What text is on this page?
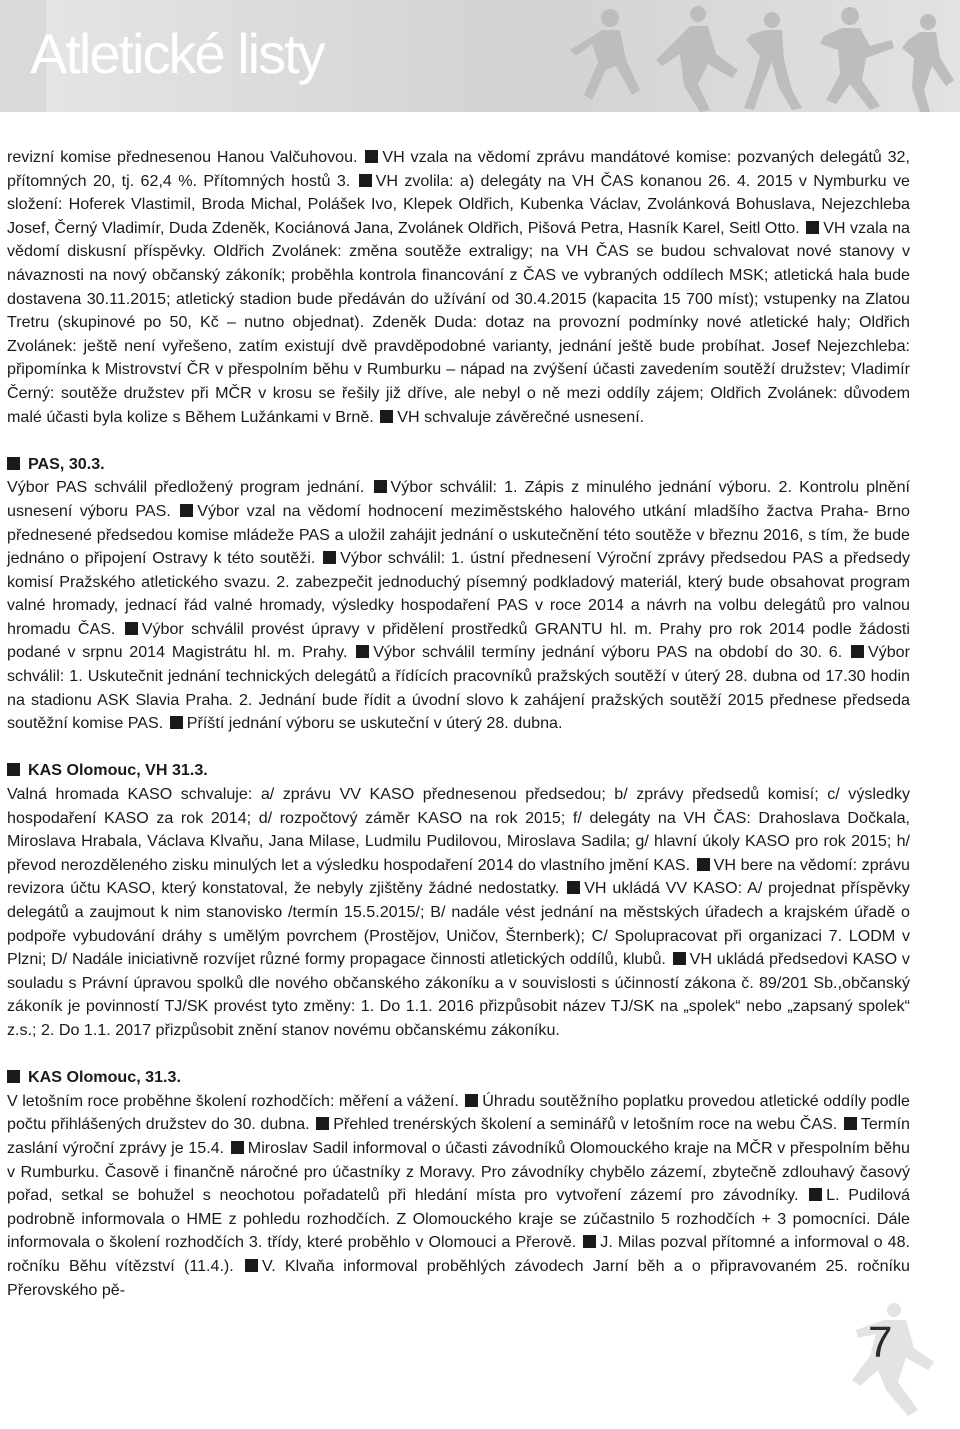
Atletické listy

revizní komise přednesenou Hanou Valčuhovou. VH vzala na vědomí zprávu mandátové komise: pozvaných delegátů 32, přítomných 20, tj. 62,4 %. Přítomných hostů 3. VH zvolila: a) delegáty na VH ČAS konanou 26. 4. 2015 v Nymburku ve složení: Hoferek Vlastimil, Broda Michal, Polášek Ivo, Klepek Oldřich, Kubenka Václav, Zvolánková Bohuslava, Nejezchleba Josef, Černý Vladimír, Duda Zdeněk, Kociánová Jana, Zvolánek Oldřich, Pišová Petra, Hasník Karel, Seitl Otto. VH vzala na vědomí diskusní příspěvky. Oldřich Zvolánek: změna soutěže extraligy; na VH ČAS se budou schvalovat nové stanovy v návaznosti na nový občanský zákoník; proběhla kontrola financování z ČAS ve vybraných oddílech MSK; atletická hala bude dostavena 30.11.2015; atletický stadion bude předáván do užívání od 30.4.2015 (kapacita 15 700 míst); vstupenky na Zlatou Tretru (skupinové po 50, Kč – nutno objednat). Zdeněk Duda: dotaz na provozní podmínky nové atletické haly; Oldřich Zvolánek: ještě není vyřešeno, zatím existují dvě pravděpodobné varianty, jednání ještě bude probíhat. Josef Nejezchleba: připomínka k Mistrovství ČR v přespolním běhu v Rumburku – nápad na zvýšení účasti zavedením soutěží družstev; Vladimír Černý: soutěže družstev při MČR v krosu se řešily již dříve, ale nebyl o ně mezi oddíly zájem; Oldřich Zvolánek: důvodem malé účasti byla kolize s Během Lužánkami v Brně. VH schvaluje závěrečné usnesení.

PAS, 30.3.

Výbor PAS schválil předložený program jednání. Výbor schválil: 1. Zápis z minulého jednání výboru. 2. Kontrolu plnění usnesení výboru PAS. Výbor vzal na vědomí hodnocení meziměstského halového utkání mladšího žactva Praha- Brno přednesené předsedou komise mládeže PAS a uložil zahájit jednání o uskutečnění této soutěže v březnu 2016, s tím, že bude jednáno o připojení Ostravy k této soutěži. Výbor schválil: 1. ústní přednesení Výroční zprávy předsedou PAS a předsedy komisí Pražského atletického svazu. 2. zabezpečit jednoduchý písemný podkladový materiál, který bude obsahovat program valné hromady, jednací řád valné hromady, výsledky hospodaření PAS v roce 2014 a návrh na volbu delegátů pro valnou hromadu ČAS. Výbor schválil provést úpravy v přidělení prostředků GRANTU hl. m. Prahy pro rok 2014 podle žádosti podané v srpnu 2014 Magistrátu hl. m. Prahy. Výbor schválil termíny jednání výboru PAS na období do 30. 6. Výbor schválil: 1. Uskutečnit jednání technických delegátů a řídících pracovníků pražských soutěží v úterý 28. dubna od 17.30 hodin na stadionu ASK Slavia Praha. 2. Jednání bude řídit a úvodní slovo k zahájení pražských soutěží 2015 přednese předseda soutěžní komise PAS. Příští jednání výboru se uskuteční v úterý 28. dubna.

KAS Olomouc, VH 31.3.

Valná hromada KASO schvaluje: a/ zprávu VV KASO přednesenou předsedou; b/ zprávy předsedů komisí; c/ výsledky hospodaření KASO za rok 2014; d/ rozpočtový záměr KASO na rok 2015; f/ delegáty na VH ČAS: Drahoslava Dočkala, Miroslava Hrabala, Václava Klvaňu, Jana Milase, Ludmilu Pudilovou, Miroslava Sadila; g/ hlavní úkoly KASO pro rok 2015; h/ převod nerozděleného zisku minulých let a výsledku hospodaření 2014 do vlastního jmění KAS. VH bere na vědomí: zprávu revizora účtu KASO, který konstatoval, že nebyly zjištěny žádné nedostatky. VH ukládá VV KASO: A/ projednat příspěvky delegátů a zaujmout k nim stanovisko /termín 15.5.2015/; B/ nadále vést jednání na městských úřadech a krajském úřadě o podpoře vybudování dráhy s umělým povrchem (Prostějov, Uničov, Šternberk); C/ Spolupracovat při organizaci 7. LODM v Plzni; D/ Nadále iniciativně rozvíjet různé formy propagace činnosti atletických oddílů, klubů. VH ukládá předsedovi KASO v souladu s Právní úpravou spolků dle nového občanského zákoníku a v souvislosti s účinností zákona č. 89/201 Sb.,občanský zákoník je povinností TJ/SK provést tyto změny: 1. Do 1.1. 2016 přizpůsobit název TJ/SK na „spolek“ nebo „zapsaný spolek“ z.s.; 2. Do 1.1. 2017 přizpůsobit znění stanov novému občanskému zákoníku.

KAS Olomouc, 31.3.

V letošním roce proběhne školení rozhodčích: měření a vážení. Úhradu soutěžního poplatku provedou atletické oddíly podle počtu přihlášených družstev do 30. dubna. Přehled trenérských školení a seminářů v letošním roce na webu ČAS. Termín zaslání výroční zprávy je 15.4. Miroslav Sadil informoval o účasti závodníků Olomouckého kraje na MČR v přespolním běhu v Rumburku. Časově i finančně náročné pro účastníky z Moravy. Pro závodníky chybělo zázemí, zbytečně zdlouhavý časový pořad, setkal se bohužel s neochotou pořadatelů při hledání místa pro vytvoření zázemí pro závodníky. L. Pudilová podrobně informovala o HME z pohledu rozhodčích. Z Olomouckého kraje se zúčastnilo 5 rozhodčích + 3 pomocníci. Dále informovala o školení rozhodčích 3. třídy, které proběhlo v Olomouci a Přerově. J. Milas pozval přítomné a informoval o 48. ročníku Běhu vítězství (11.4.). V. Klvaňa informoval proběhlých závodech Jarní běh a o připravovaném 25. ročníku Přerovského pě-

7
